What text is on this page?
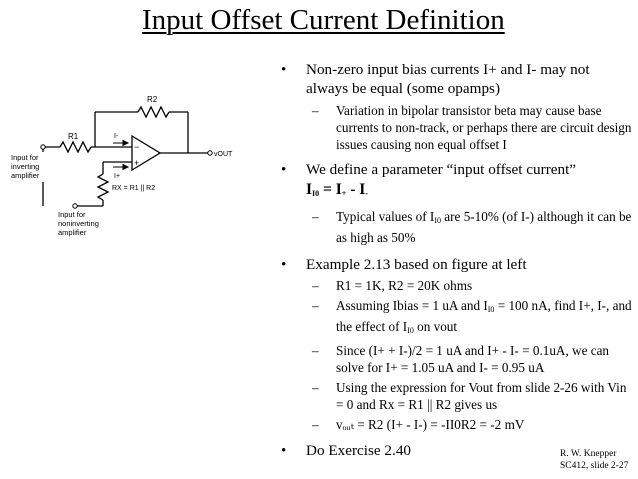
Input Offset Current Definition
R2
R1	I-
I+
−
+
vOUT
RX = R1 || R2
Input for
inverting
amplifier
Input for
noninverting
amplifier
• Non-zero input bias currents I+ and I- may not always be equal (some opamps)
– Variation in bipolar transistor beta may cause base currents to non-track, or perhaps there are circuit design issues causing non equal offset I
• We define a parameter “input offset current”
$I_{I0} = I_+ - I_-$
– Typical values of $I_{I0}$ are 5-10% (of I-) although it can be as high as 50%
• Example 2.13 based on figure at left
– R1 = 1K, R2 = 20K ohms
– Assuming Ibias = 1 uA and $I_{I0} = 100$ nA, find I+, I-, and the effect of $I_{I0}$ on vout
– Since (I+ + I-)/2 = 1 uA and I+ - I- = 0.1uA, we can solve for I+ = 1.05 uA and I- = 0.95 uA
– Using the expression for Vout from slide 2-26 with Vin = 0 and Rx = R1 || R2 gives us
– vₒᵤₜ = R2 (I+ - I-) = -II0R2 = -2 mV
• Do Exercise 2.40	R. W. Knepper
SC412, slide 2-27
